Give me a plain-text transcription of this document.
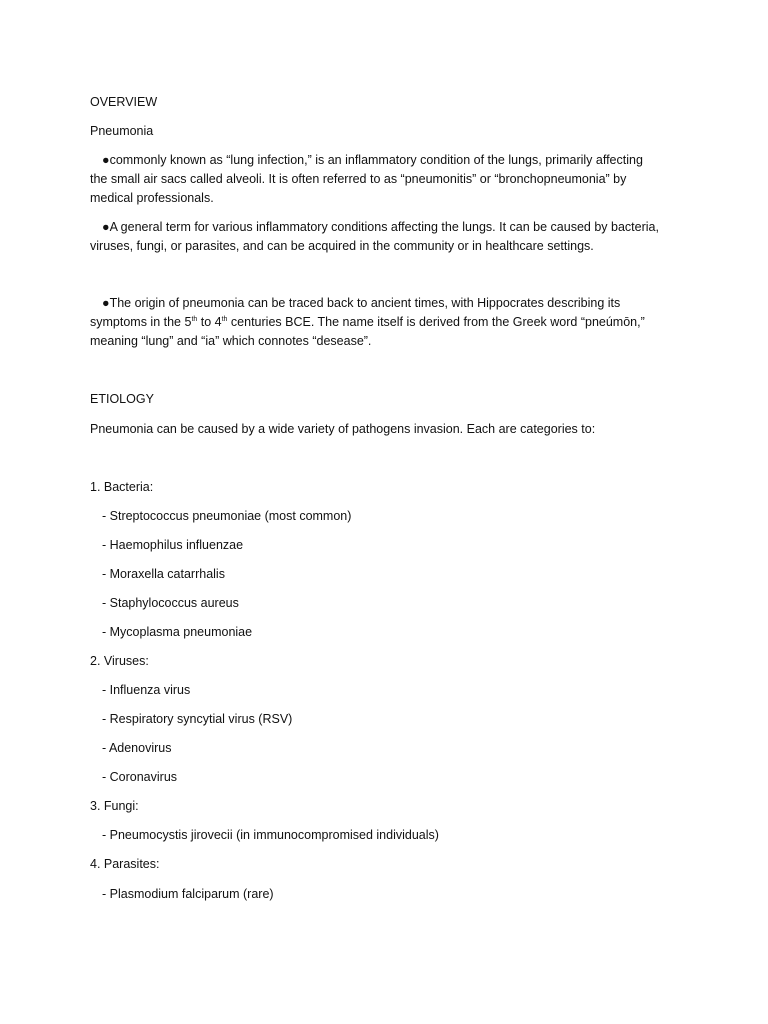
OVERVIEW
Pneumonia
●commonly known as “lung infection,” is an inflammatory condition of the lungs, primarily affecting
the small air sacs called alveoli. It is often referred to as “pneumonitis” or “bronchopneumonia” by
medical professionals.
●A general term for various inflammatory conditions affecting the lungs. It can be caused by bacteria,
viruses, fungi, or parasites, and can be acquired in the community or in healthcare settings.
●The origin of pneumonia can be traced back to ancient times, with Hippocrates describing its
symptoms in the 5th to 4th centuries BCE. The name itself is derived from the Greek word “pneúmōn,”
meaning “lung” and “ia” which connotes “desease”.
ETIOLOGY
Pneumonia can be caused by a wide variety of pathogens invasion. Each are categories to:
1. Bacteria:
- Streptococcus pneumoniae (most common)
- Haemophilus influenzae
- Moraxella catarrhalis
- Staphylococcus aureus
- Mycoplasma pneumoniae
2. Viruses:
- Influenza virus
- Respiratory syncytial virus (RSV)
- Adenovirus
- Coronavirus
3. Fungi:
- Pneumocystis jirovecii (in immunocompromised individuals)
4. Parasites:
- Plasmodium falciparum (rare)
